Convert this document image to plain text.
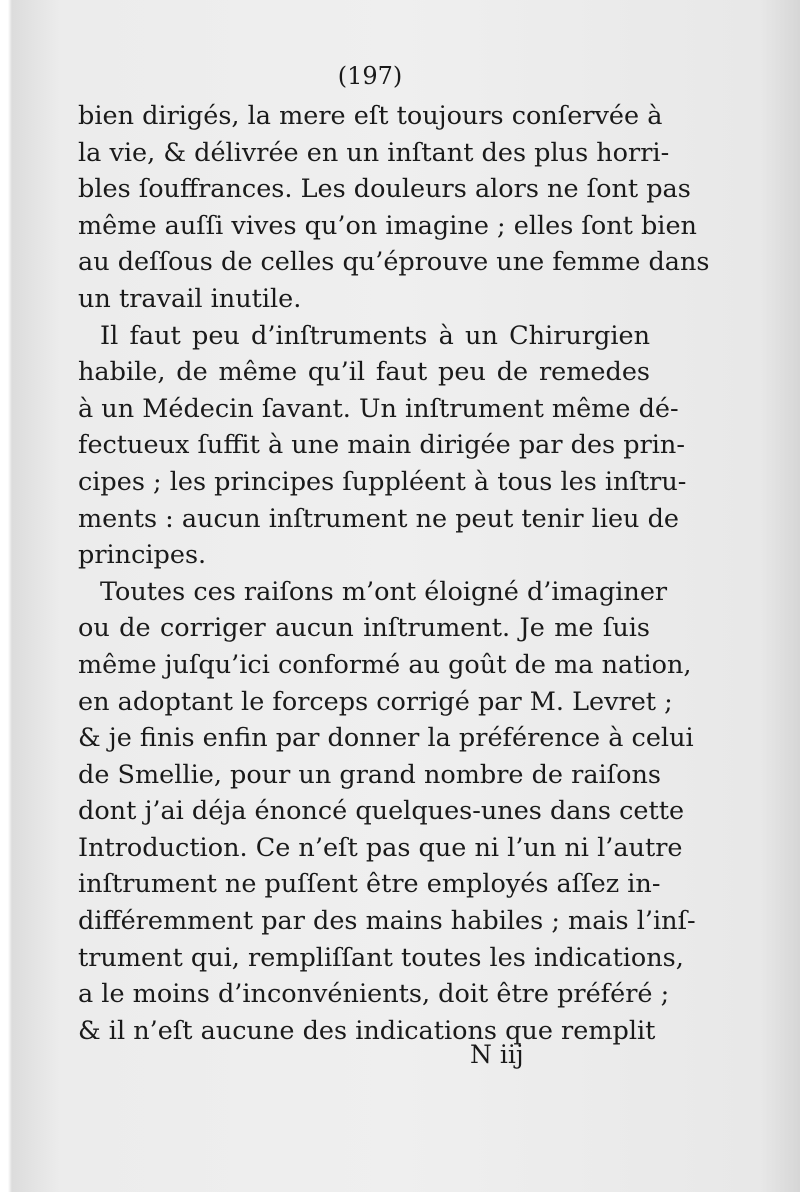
(197)
bien dirigés, la mere eſt toujours conſervée à
la vie, & délivrée en un inſtant des plus horri-
bles ſouffrances. Les douleurs alors ne ſont pas
même auſſi vives qu’on imagine ; elles ſont bien
au deſſous de celles qu’éprouve une femme dans
un travail inutile.
Il faut peu d’inſtruments à un Chirurgien
habile, de même qu’il faut peu de remedes
à un Médecin ſavant. Un inſtrument même dé-
fectueux ſuffit à une main dirigée par des prin-
cipes ; les principes ſuppléent à tous les inſtru-
ments : aucun inſtrument ne peut tenir lieu de
principes.
Toutes ces raiſons m’ont éloigné d’imaginer
ou de corriger aucun inſtrument. Je me ſuis
même juſqu’ici conformé au goût de ma nation,
en adoptant le forceps corrigé par M. Levret ;
& je finis enfin par donner la préférence à celui
de Smellie, pour un grand nombre de raiſons
dont j’ai déja énoncé quelques-unes dans cette
Introduction. Ce n’eſt pas que ni l’un ni l’autre
inſtrument ne puſſent être employés aſſez in-
différemment par des mains habiles ; mais l’inſ-
trument qui, rempliſſant toutes les indications,
a le moins d’inconvénients, doit être préféré ;
& il n’eſt aucune des indications que remplit
N iij
